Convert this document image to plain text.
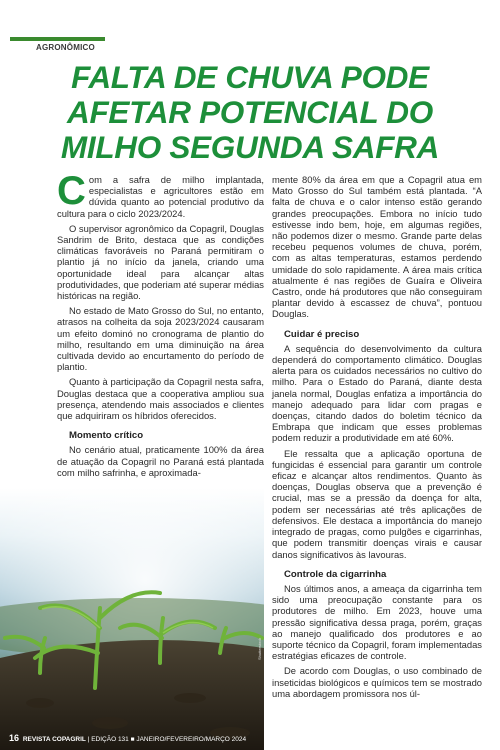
AGRONÔMICO
FALTA DE CHUVA PODE AFETAR POTENCIAL DO MILHO SEGUNDA SAFRA

Com a safra de milho implantada, especialistas e agricultores estão em dúvida quanto ao potencial produtivo da cultura para o ciclo 2023/2024.

O supervisor agronômico da Copagril, Douglas Sandrim de Brito, destaca que as condições climáticas favoráveis no Paraná permitiram o plantio já no início da janela, criando uma oportunidade ideal para alcançar altas produtividades, que poderiam até superar médias históricas na região.

No estado de Mato Grosso do Sul, no entanto, atrasos na colheita da soja 2023/2024 causaram um efeito dominó no cronograma de plantio do milho, resultando em uma diminuição na área cultivada devido ao encurtamento do período de plantio.

Quanto à participação da Copagril nesta safra, Douglas destaca que a cooperativa ampliou sua presença, atendendo mais associados e clientes que adquiriram os híbridos oferecidos.

Momento crítico

No cenário atual, praticamente 100% da área de atuação da Copagril no Paraná está plantada com milho safrinha, e aproximada-

mente 80% da área em que a Copagril atua em Mato Grosso do Sul também está plantada. “A falta de chuva e o calor intenso estão gerando grandes preocupações. Embora no início tudo estivesse indo bem, hoje, em algumas regiões, não podemos dizer o mesmo. Grande parte delas recebeu pequenos volumes de chuva, porém, com as altas temperaturas, estamos perdendo umidade do solo rapidamente. A área mais crítica atualmente é nas regiões de Guaíra e Oliveira Castro, onde há produtores que não conseguiram plantar devido à escassez de chuva”, pontuou Douglas.

Cuidar é preciso

A sequência do desenvolvimento da cultura dependerá do comportamento climático. Douglas alerta para os cuidados necessários no cultivo do milho. Para o Estado do Paraná, diante desta janela normal, Douglas enfatiza a importância do manejo adequado para lidar com pragas e doenças, citando dados do boletim técnico da Embrapa que indicam que esses problemas podem reduzir a produtividade em até 60%.

Ele ressalta que a aplicação oportuna de fungicidas é essencial para garantir um controle eficaz e alcançar altos rendimentos. Quanto às doenças, Douglas observa que a prevenção é crucial, mas se a pressão da doença for alta, podem ser necessárias até três aplicações de defensivos. Ele destaca a importância do manejo integrado de pragas, como pulgões e cigarrinhas, que podem transmitir doenças virais e causar danos significativos às lavouras.

Controle da cigarrinha

Nos últimos anos, a ameaça da cigarrinha tem sido uma preocupação constante para os produtores de milho. Em 2023, houve uma pressão significativa dessa praga, porém, graças ao manejo qualificado dos produtores e ao suporte técnico da Copagril, foram implementadas estratégias eficazes de controle.

De acordo com Douglas, o uso combinado de inseticidas biológicos e químicos tem se mostrado uma abordagem promissora nos úl-

Shutterstock
16 REVISTA COPAGRIL | EDIÇÃO 131 ■ JANEIRO/FEVEREIRO/MARÇO 2024
